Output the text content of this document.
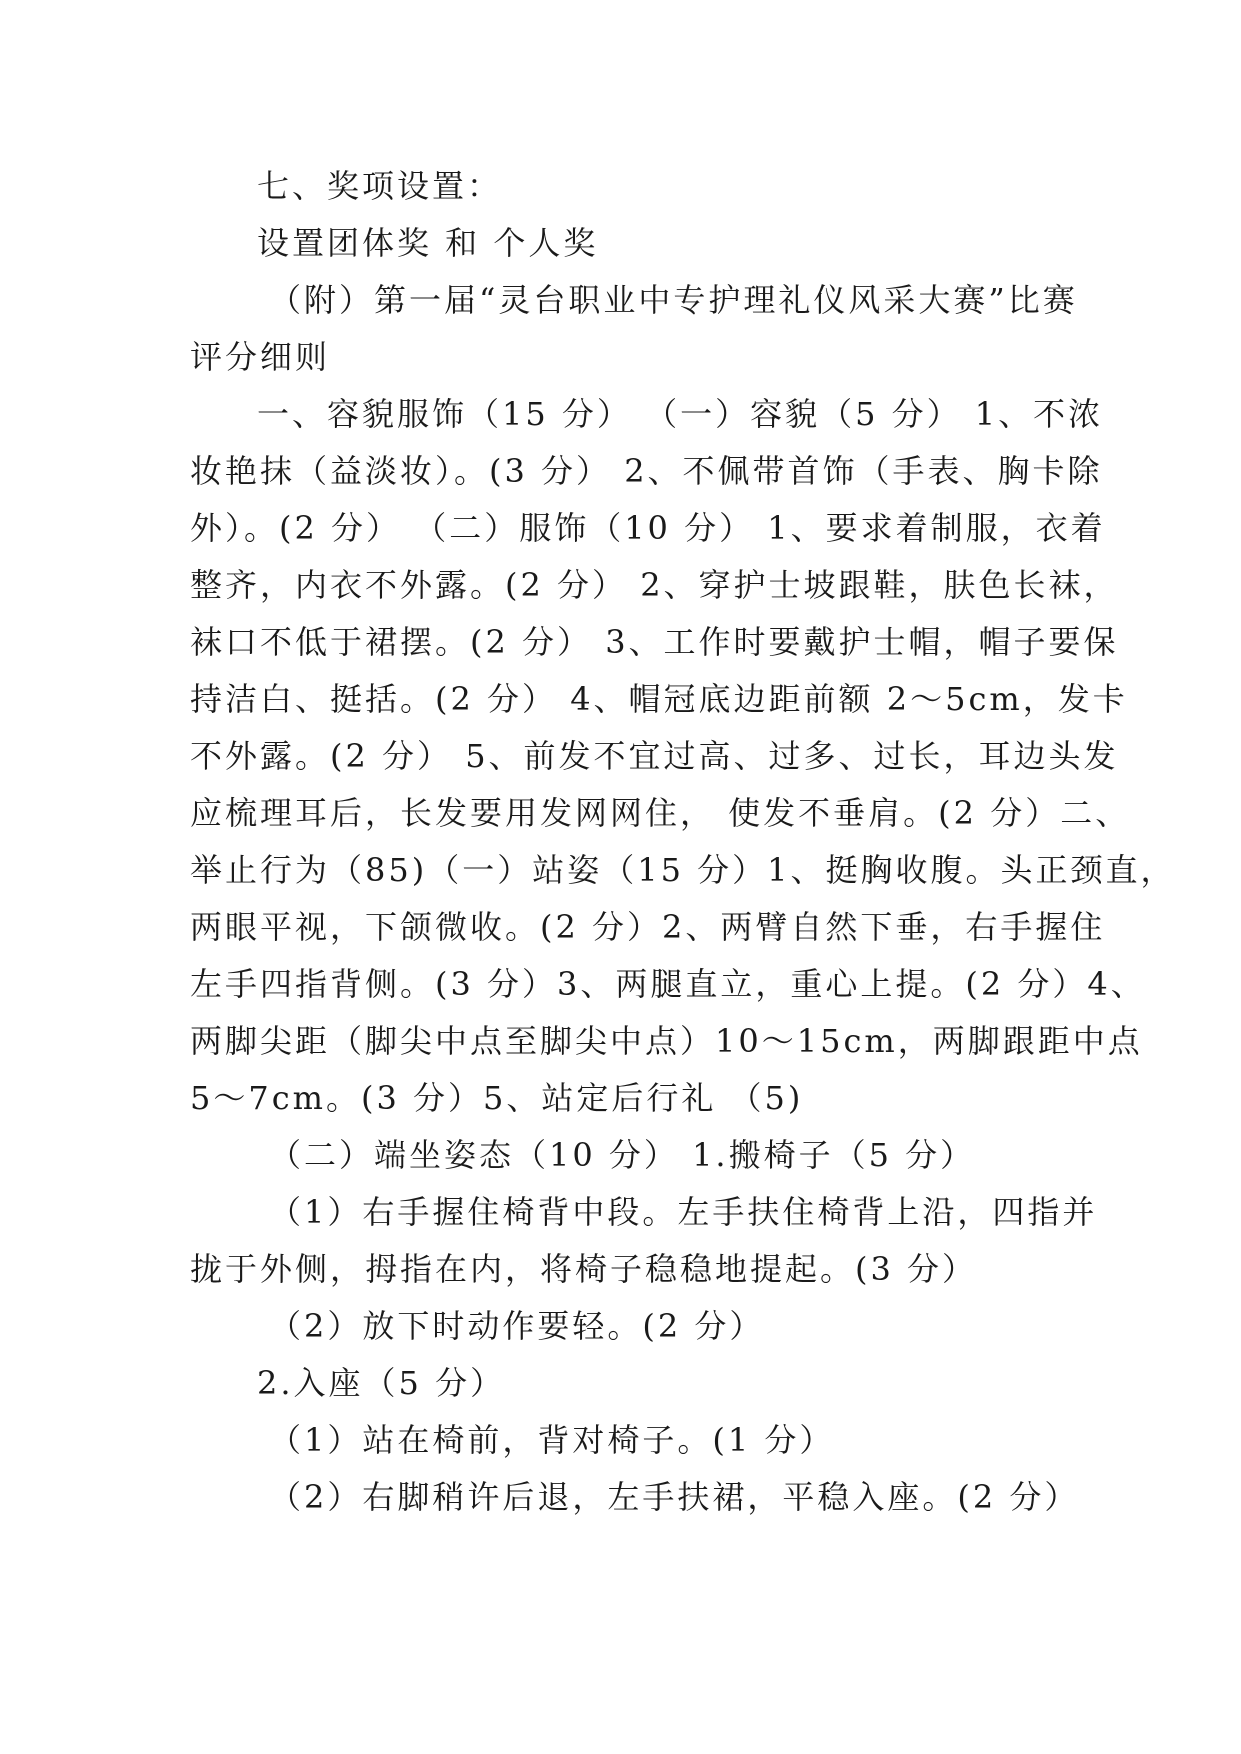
七、奖项设置：
设置团体奖 和 个人奖
（附）第一届“灵台职业中专护理礼仪风采大赛”比赛
评分细则
一、容貌服饰（15 分） （一）容貌（5 分） 1、不浓
妆艳抹（益淡妆）。(3 分） 2、不佩带首饰（手表、胸卡除
外）。(2 分） （二）服饰（10 分） 1、要求着制服，衣着
整齐，内衣不外露。(2 分） 2、穿护士坡跟鞋，肤色长袜，
袜口不低于裙摆。(2 分） 3、工作时要戴护士帽，帽子要保
持洁白、挺括。(2 分） 4、帽冠底边距前额 2～5cm，发卡
不外露。(2 分） 5、前发不宜过高、过多、过长，耳边头发
应梳理耳后，长发要用发网网住， 使发不垂肩。(2 分）二、
举止行为（85)（一）站姿（15 分）1、挺胸收腹。头正颈直，
两眼平视，下颌微收。(2 分）2、两臂自然下垂，右手握住
左手四指背侧。(3 分）3、两腿直立，重心上提。(2 分）4、
两脚尖距（脚尖中点至脚尖中点）10～15cm，两脚跟距中点
5～7cm。(3 分）5、站定后行礼 （5)
（二）端坐姿态（10 分） 1.搬椅子（5 分）
（1）右手握住椅背中段。左手扶住椅背上沿，四指并
拢于外侧，拇指在内，将椅子稳稳地提起。(3 分）
（2）放下时动作要轻。(2 分）
2.入座（5 分）
（1）站在椅前，背对椅子。(1 分）
（2）右脚稍许后退，左手扶裙，平稳入座。(2 分）
